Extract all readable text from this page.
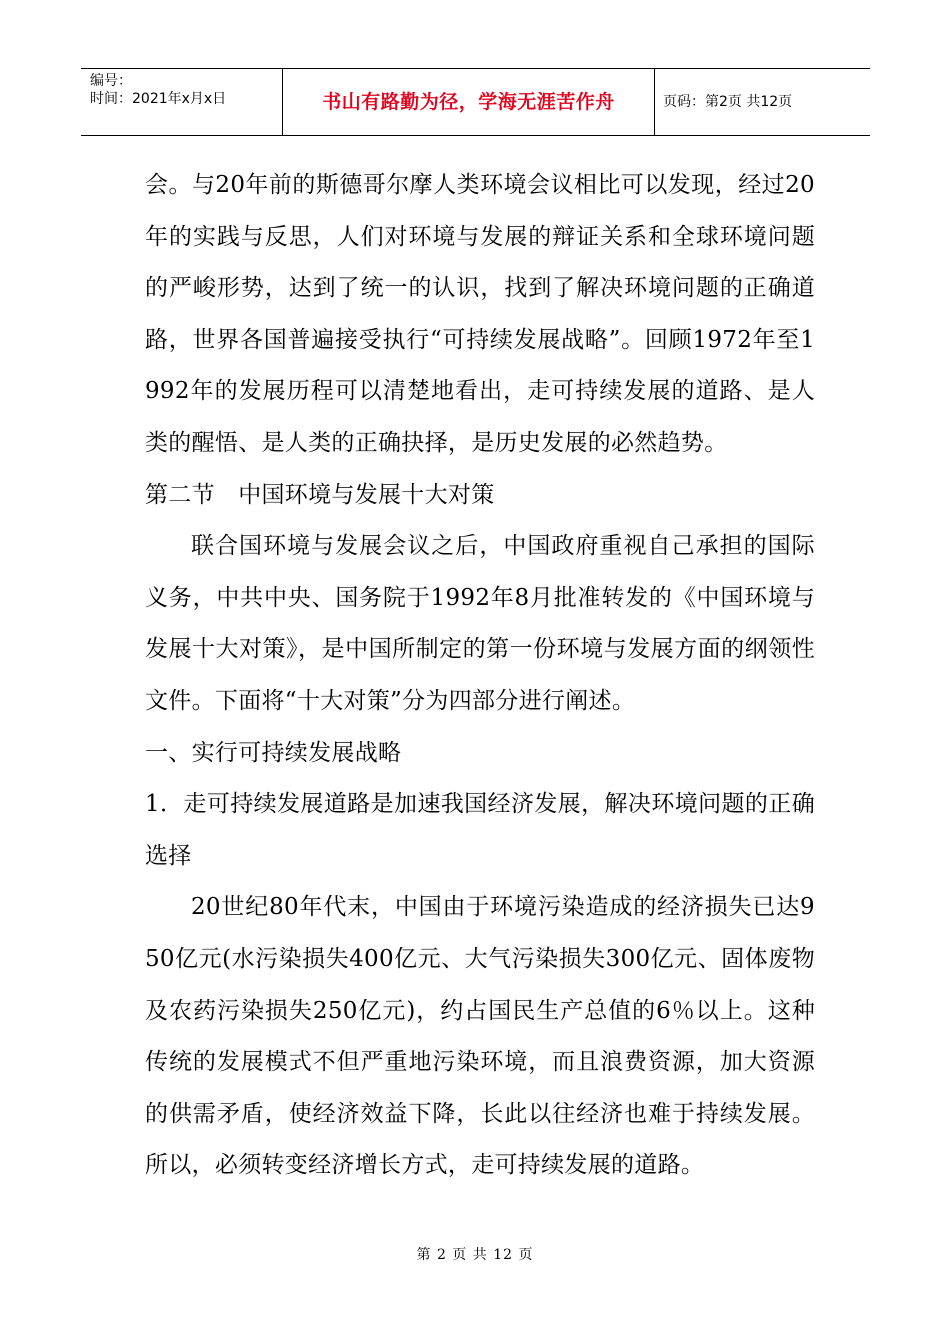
编号：
时间：2021年x月x日	书山有路勤为径，学海无涯苦作舟	页码：第2页 共12页

会。与20年前的斯德哥尔摩人类环境会议相比可以发现，经过20年的实践与反思，人们对环境与发展的辩证关系和全球环境问题的严峻形势，达到了统一的认识，找到了解决环境问题的正确道路，世界各国普遍接受执行“可持续发展战略”。回顾1972年至1992年的发展历程可以清楚地看出，走可持续发展的道路、是人类的醒悟、是人类的正确抉择，是历史发展的必然趋势。

第二节　中国环境与发展十大对策

联合国环境与发展会议之后，中国政府重视自己承担的国际义务，中共中央、国务院于1992年8月批准转发的《中国环境与发展十大对策》，是中国所制定的第一份环境与发展方面的纲领性文件。下面将“十大对策”分为四部分进行阐述。

一、实行可持续发展战略

1．走可持续发展道路是加速我国经济发展，解决环境问题的正确选择

20世纪80年代末，中国由于环境污染造成的经济损失已达950亿元(水污染损失400亿元、大气污染损失300亿元、固体废物及农药污染损失250亿元)，约占国民生产总值的6％以上。这种传统的发展模式不但严重地污染环境，而且浪费资源，加大资源的供需矛盾，使经济效益下降，长此以往经济也难于持续发展。所以，必须转变经济增长方式，走可持续发展的道路。

第 2 页 共 12 页
